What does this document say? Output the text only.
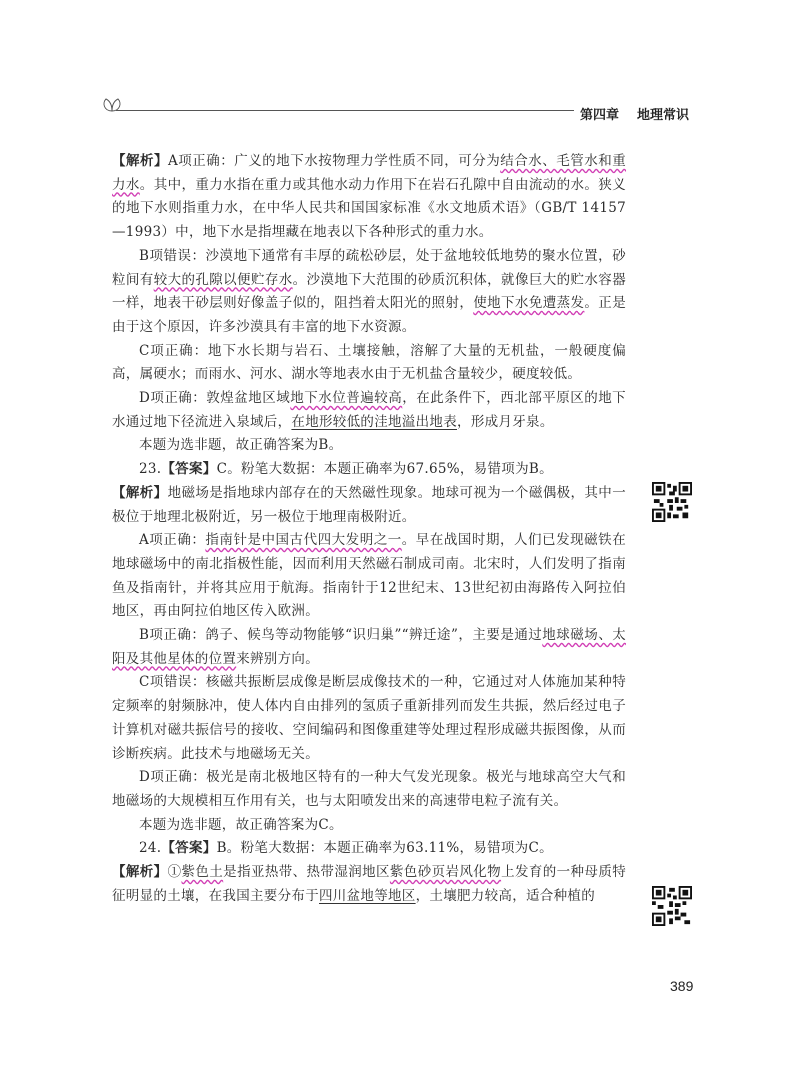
第四章 地理常识

【解析】A项正确：广义的地下水按物理力学性质不同，可分为结合水、毛管水和重力水。其中，重力水指在重力或其他水动力作用下在岩石孔隙中自由流动的水。狭义的地下水则指重力水，在中华人民共和国国家标准《水文地质术语》（GB/T 14157—1993）中，地下水是指埋藏在地表以下各种形式的重力水。

B项错误：沙漠地下通常有丰厚的疏松砂层，处于盆地较低地势的聚水位置，砂粒间有较大的孔隙以便贮存水。沙漠地下大范围的砂质沉积体，就像巨大的贮水容器一样，地表干砂层则好像盖子似的，阻挡着太阳光的照射，使地下水免遭蒸发。正是由于这个原因，许多沙漠具有丰富的地下水资源。

C项正确：地下水长期与岩石、土壤接触，溶解了大量的无机盐，一般硬度偏高，属硬水；而雨水、河水、湖水等地表水由于无机盐含量较少，硬度较低。

D项正确：敦煌盆地区域地下水位普遍较高，在此条件下，西北部平原区的地下水通过地下径流进入泉域后，在地形较低的洼地溢出地表，形成月牙泉。

本题为选非题，故正确答案为B。

23.【答案】C。粉笔大数据：本题正确率为67.65%，易错项为B。

【解析】地磁场是指地球内部存在的天然磁性现象。地球可视为一个磁偶极，其中一极位于地理北极附近，另一极位于地理南极附近。

A项正确：指南针是中国古代四大发明之一。早在战国时期，人们已发现磁铁在地球磁场中的南北指极性能，因而利用天然磁石制成司南。北宋时，人们发明了指南鱼及指南针，并将其应用于航海。指南针于12世纪末、13世纪初由海路传入阿拉伯地区，再由阿拉伯地区传入欧洲。

B项正确：鸽子、候鸟等动物能够“识归巢”“辨迁途”，主要是通过地球磁场、太阳及其他星体的位置来辨别方向。

C项错误：核磁共振断层成像是断层成像技术的一种，它通过对人体施加某种特定频率的射频脉冲，使人体内自由排列的氢质子重新排列而发生共振，然后经过电子计算机对磁共振信号的接收、空间编码和图像重建等处理过程形成磁共振图像，从而诊断疾病。此技术与地磁场无关。

D项正确：极光是南北极地区特有的一种大气发光现象。极光与地球高空大气和地磁场的大规模相互作用有关，也与太阳喷发出来的高速带电粒子流有关。

本题为选非题，故正确答案为C。

24.【答案】B。粉笔大数据：本题正确率为63.11%，易错项为C。

【解析】①紫色土是指亚热带、热带湿润地区紫色砂页岩风化物上发育的一种母质特征明显的土壤，在我国主要分布于四川盆地等地区，土壤肥力较高，适合种植的

389
